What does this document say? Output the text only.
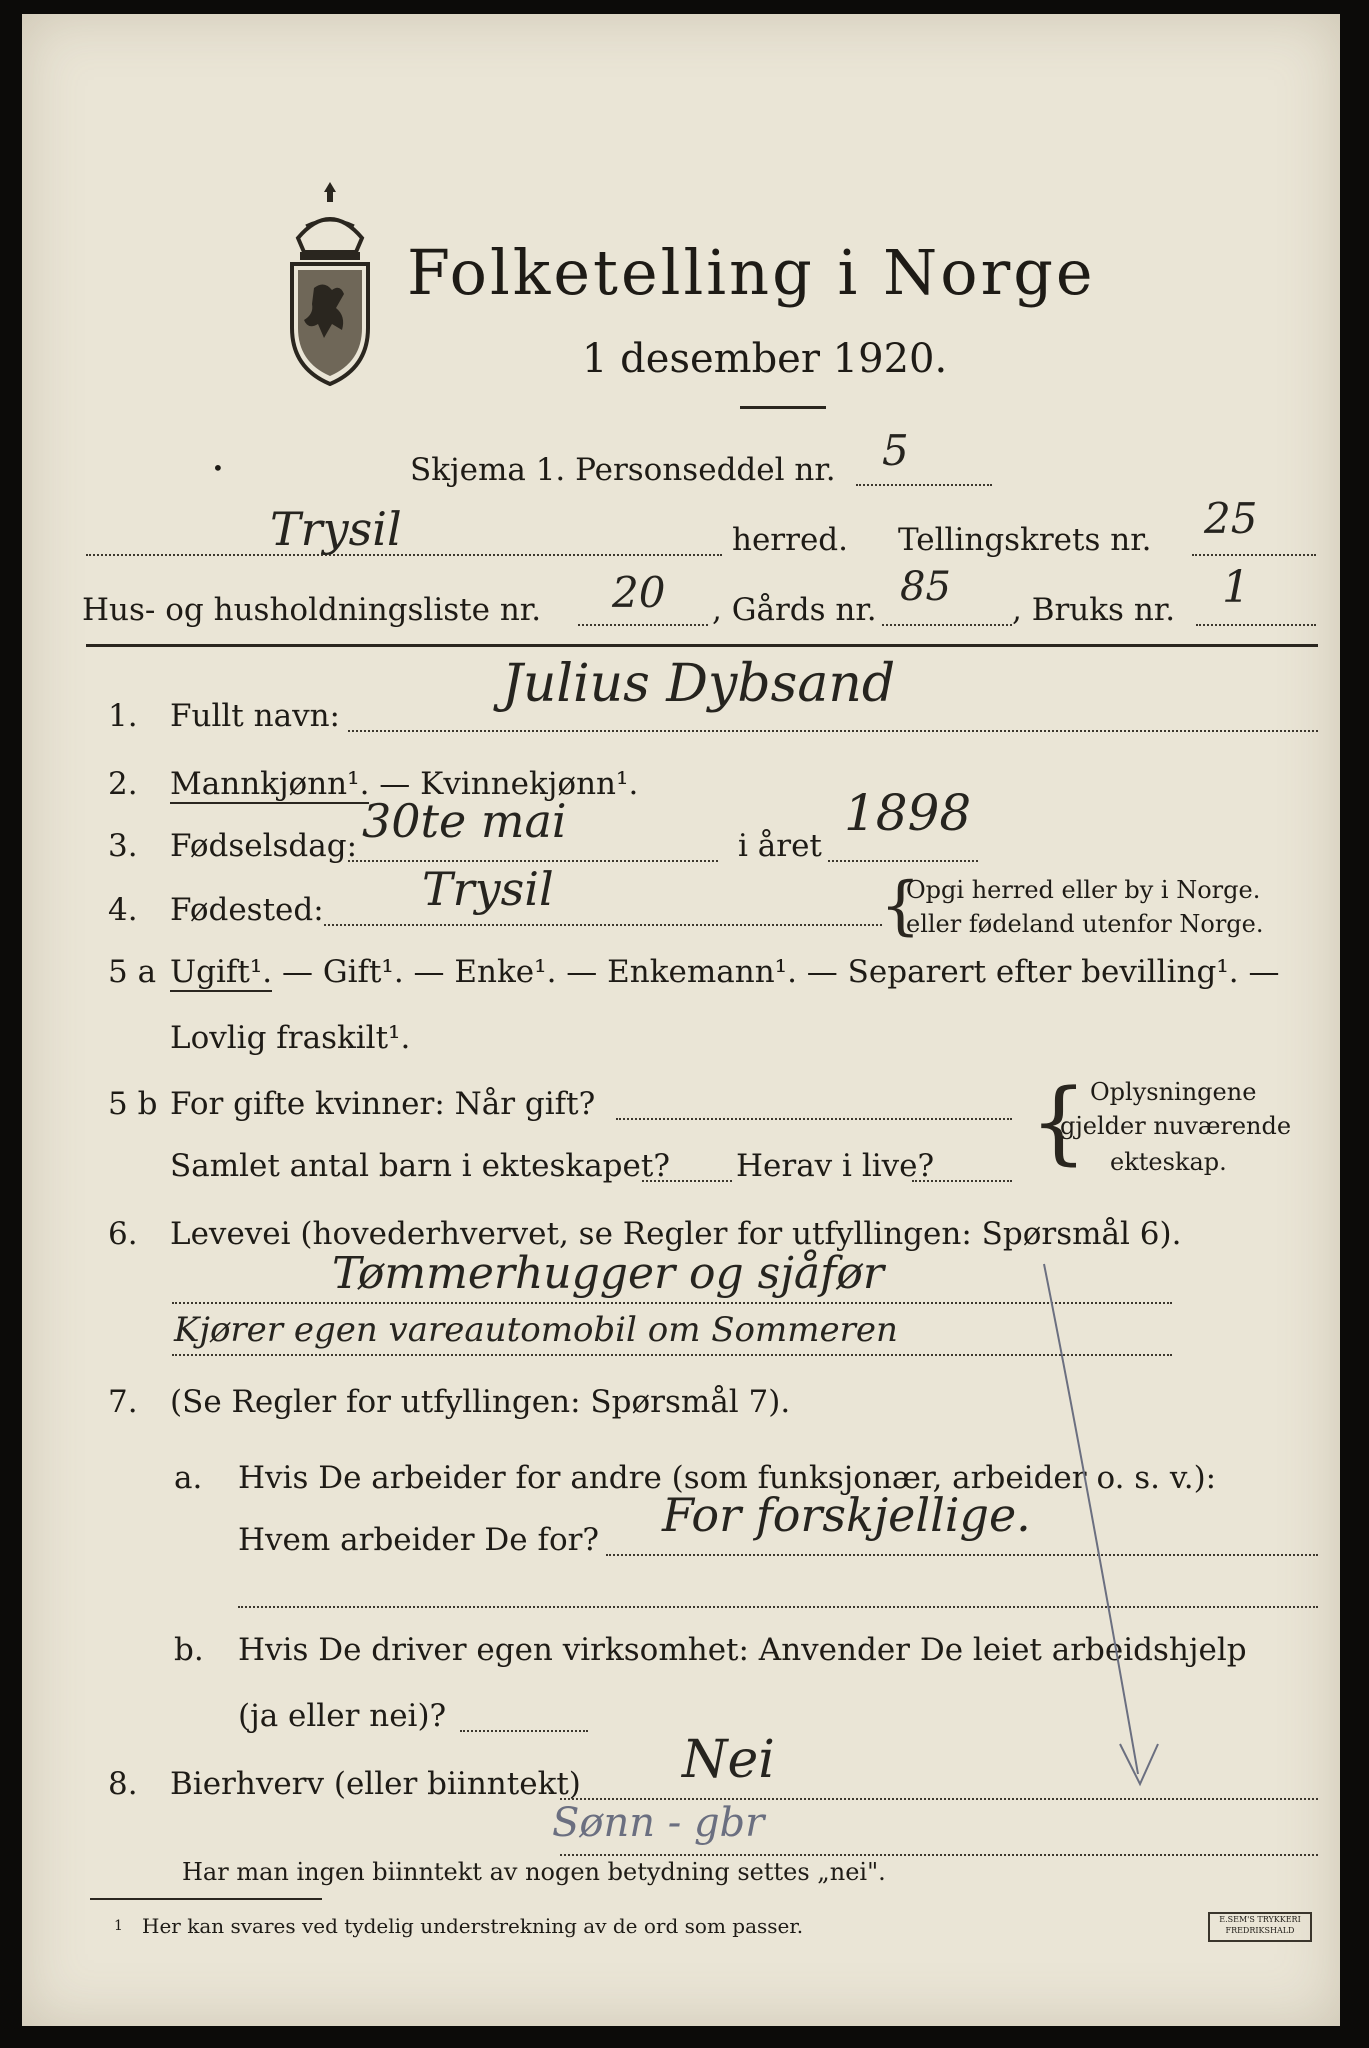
Folketelling i Norge
1 desember 1920.
•	Skjema 1. Personseddel nr. 5
Trysil	herred. Tellingskrets nr. 25
Hus- og husholdningsliste nr. 20 , Gårds nr. 85 , Bruks nr. 1
1. Fullt navn:
Julius Dybsand
2. Mannkjønn¹. — Kvinnekjønn¹.
3. Fødselsdag: 30te mai	i året
1898
4. Fødested: Trysil	{
Opgi herred eller by i Norge.
eller fødeland utenfor Norge.
5 a Ugift¹. — Gift¹. — Enke¹. — Enkemann¹. — Separert efter bevilling¹. —
Lovlig fraskilt¹.
5 b For gifte kvinner: Når gift?
Samlet antal barn i ekteskapet? Herav i live? { Oplysningene
gjelder nuværende
ekteskap.
6. Levevei (hovederhvervet, se Regler for utfyllingen: Spørsmål 6).
Tømmerhugger og sjåfør
Kjører egen vareautomobil om Sommeren
7. (Se Regler for utfyllingen: Spørsmål 7).
a. Hvis De arbeider for andre (som funksjonær, arbeider o. s. v.):
Hvem arbeider De for? For forskjellige.
b. Hvis De driver egen virksomhet: Anvender De leiet arbeidshjelp
(ja eller nei)?
8. Bierhverv (eller biinntekt) Nei
Sønn - gbr
Har man ingen biinntekt av nogen betydning settes „nei".
1 Her kan svares ved tydelig understrekning av de ord som passer.	E.SEM'S TRYKKERI FREDRIKSHALD
